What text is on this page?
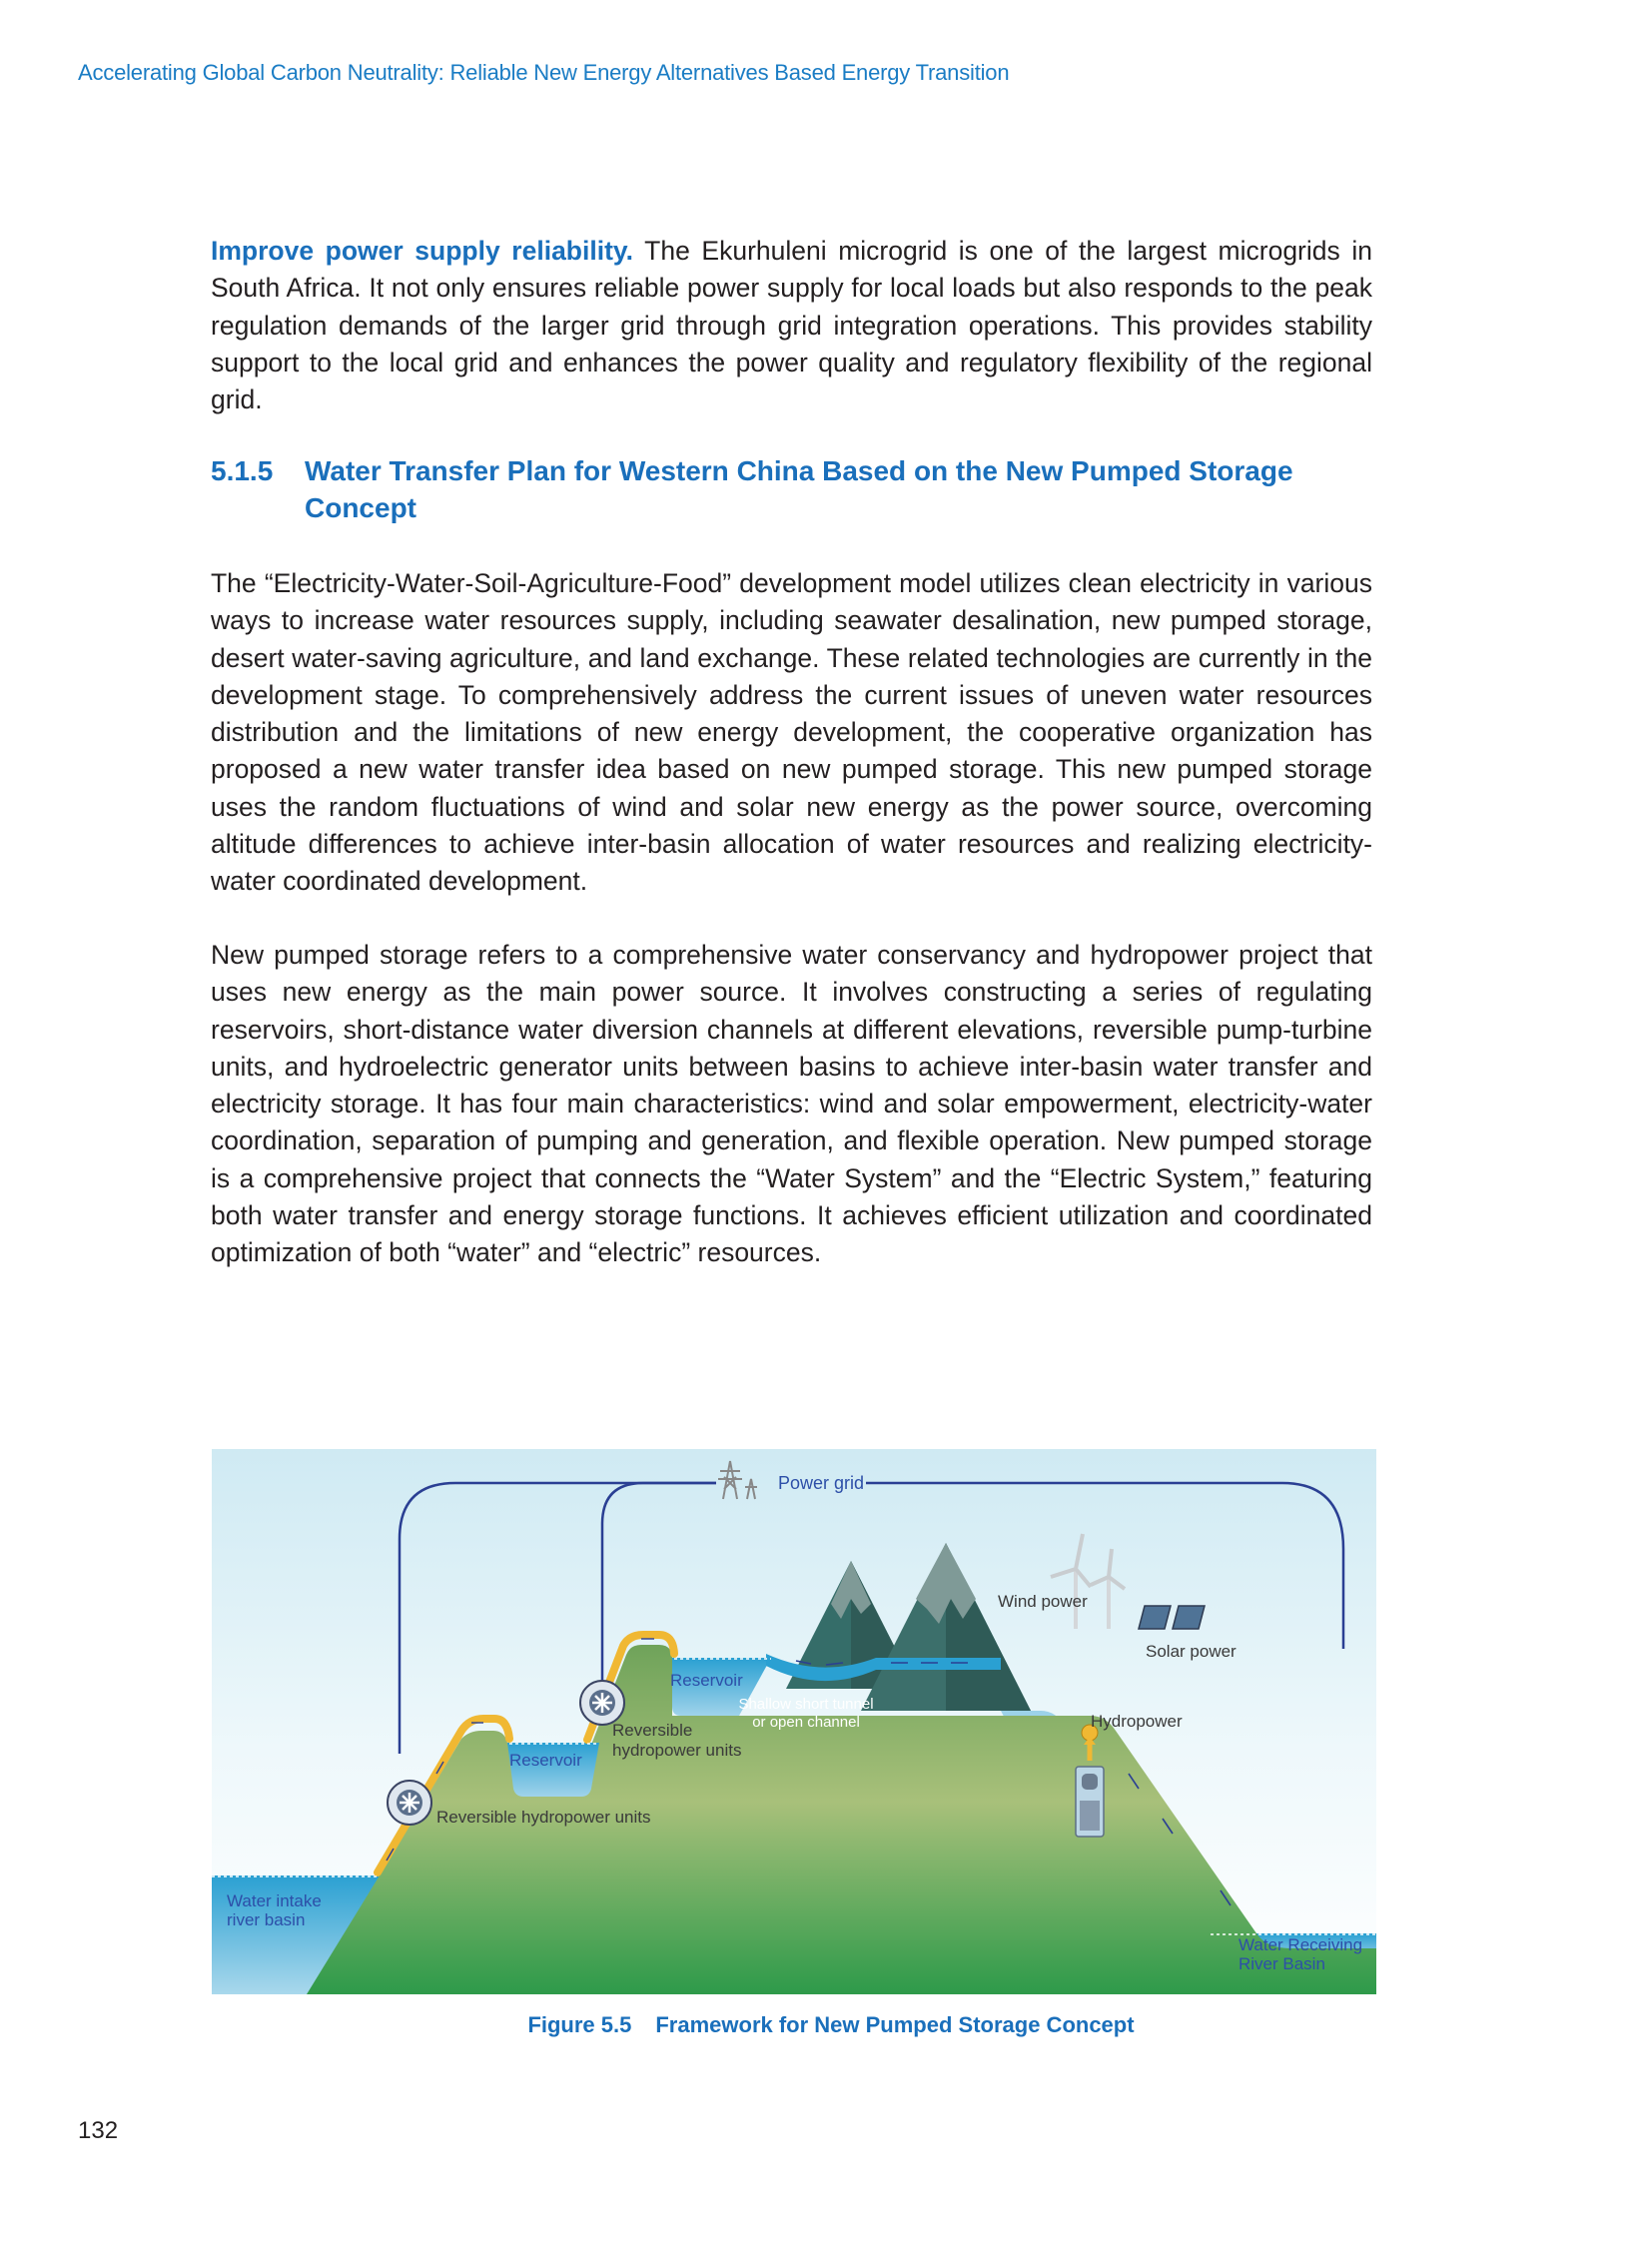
Accelerating Global Carbon Neutrality: Reliable New Energy Alternatives Based Energy Transition

Improve power supply reliability. The Ekurhuleni microgrid is one of the largest microgrids in South Africa. It not only ensures reliable power supply for local loads but also responds to the peak regulation demands of the larger grid through grid integration operations. This provides stability support to the local grid and enhances the power quality and regulatory flexibility of the regional grid.

5.1.5	Water Transfer Plan for Western China Based on the New Pumped Storage Concept

The “Electricity-Water-Soil-Agriculture-Food” development model utilizes clean electricity in various ways to increase water resources supply, including seawater desalination, new pumped storage, desert water-saving agriculture, and land exchange. These related technologies are currently in the development stage. To comprehensively address the current issues of uneven water resources distribution and the limitations of new energy development, the cooperative organization has proposed a new water transfer idea based on new pumped storage. This new pumped storage uses the random fluctuations of wind and solar new energy as the power source, overcoming altitude differences to achieve inter-basin allocation of water resources and realizing electricity-water coordinated development.

New pumped storage refers to a comprehensive water conservancy and hydropower project that uses new energy as the main power source. It involves constructing a series of regulating reservoirs, short-distance water diversion channels at different elevations, reversible pump-turbine units, and hydroelectric generator units between basins to achieve inter-basin water transfer and electricity storage. It has four main characteristics: wind and solar empowerment, electricity-water coordination, separation of pumping and generation, and flexible operation. New pumped storage is a comprehensive project that connects the “Water System” and the “Electric System,” featuring both water transfer and energy storage functions. It achieves efficient utilization and coordinated optimization of both “water” and “electric” resources.

Power grid
Wind power
Solar power
Hydropower
Reservoir
Reservoir
Shallow short tunnel
or open channel
Reversible
hydropower units
Reversible hydropower units
Water intake
river basin
Water Receiving
River Basin
Figure 5.5 Framework for New Pumped Storage Concept
132
